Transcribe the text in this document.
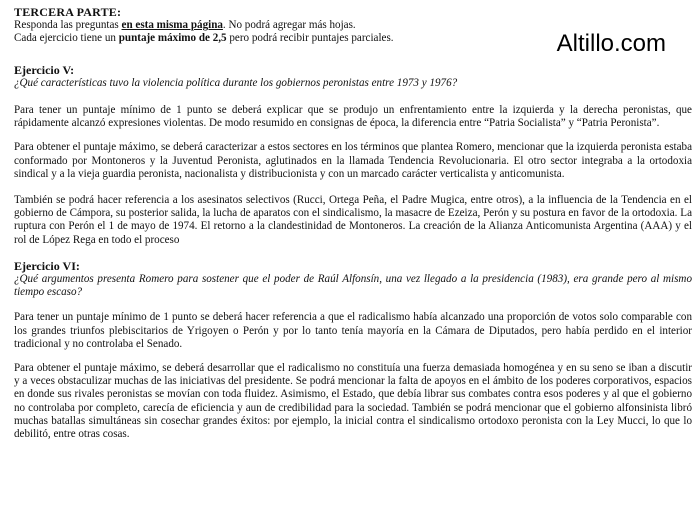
Altillo.com
TERCERA PARTE:

Responda las preguntas en esta misma página. No podrá agregar más hojas.

Cada ejercicio tiene un puntaje máximo de 2,5 pero podrá recibir puntajes parciales.

Ejercicio V:

¿Qué características tuvo la violencia política durante los gobiernos peronistas entre 1973 y 1976?

Para tener un puntaje mínimo de 1 punto se deberá explicar que se produjo un enfrentamiento entre la izquierda y la derecha peronistas, que rápidamente alcanzó expresiones violentas. De modo resumido en consignas de época, la diferencia entre “Patria Socialista” y “Patria Peronista”.

Para obtener el puntaje máximo, se deberá caracterizar a estos sectores en los términos que plantea Romero, mencionar que la izquierda peronista estaba conformado por Montoneros y la Juventud Peronista, aglutinados en la llamada Tendencia Revolucionaria. El otro sector integraba a la ortodoxia sindical y a la vieja guardia peronista, nacionalista y distribucionista y con un marcado carácter verticalista y anticomunista.

También se podrá hacer referencia a los asesinatos selectivos (Rucci, Ortega Peña, el Padre Mugica, entre otros), a la influencia de la Tendencia en el gobierno de Cámpora, su posterior salida, la lucha de aparatos con el sindicalismo, la masacre de Ezeiza, Perón y su postura en favor de la ortodoxia. La ruptura con Perón el 1 de mayo de 1974. El retorno a la clandestinidad de Montoneros. La creación de la Alianza Anticomunista Argentina (AAA) y el rol de López Rega en todo el proceso

Ejercicio VI:

¿Qué argumentos presenta Romero para sostener que el poder de Raúl Alfonsín, una vez llegado a la presidencia (1983), era grande pero al mismo tiempo escaso?

Para tener un puntaje mínimo de 1 punto se deberá hacer referencia a que el radicalismo había alcanzado una proporción de votos solo comparable con los grandes triunfos plebiscitarios de Yrigoyen o Perón y por lo tanto tenía mayoría en la Cámara de Diputados, pero había perdido en el interior tradicional y no controlaba el Senado.

Para obtener el puntaje máximo, se deberá desarrollar que el radicalismo no constituía una fuerza demasiada homogénea y en su seno se iban a discutir y a veces obstaculizar muchas de las iniciativas del presidente. Se podrá mencionar la falta de apoyos en el ámbito de los poderes corporativos, espacios en donde sus rivales peronistas se movían con toda fluidez. Asimismo, el Estado, que debía librar sus combates contra esos poderes y al que el gobierno no controlaba por completo, carecía de eficiencia y aun de credibilidad para la sociedad. También se podrá mencionar que el gobierno alfonsinista libró muchas batallas simultáneas sin cosechar grandes éxitos: por ejemplo, la inicial contra el sindicalismo ortodoxo peronista con la Ley Mucci, lo que lo debilitó, entre otras cosas.
